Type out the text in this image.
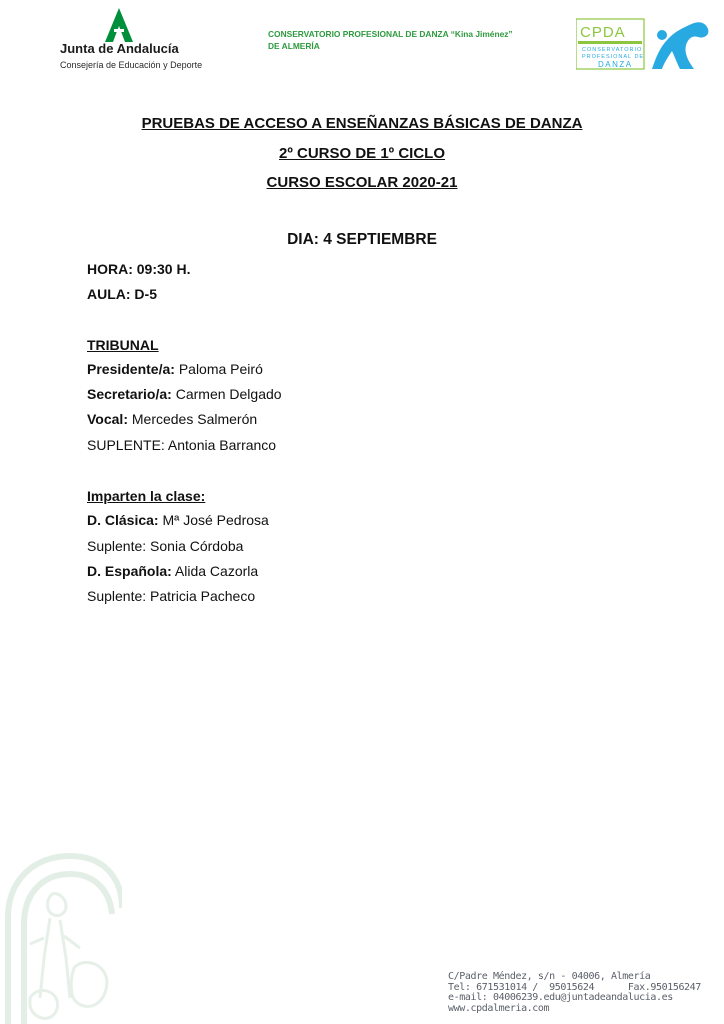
Junta de Andalucía
Consejería de Educación y Deporte
CONSERVATORIO PROFESIONAL DE DANZA “Kina Jiménez”
DE ALMERÍA
CPDA
CONSERVATORIO
PROFESIONAL DE
DANZA
PRUEBAS DE ACCESO A ENSEÑANZAS BÁSICAS DE DANZA
2º CURSO DE 1º CICLO
CURSO ESCOLAR 2020-21
DIA: 4 SEPTIEMBRE
HORA: 09:30 H.
AULA: D-5
TRIBUNAL
Presidente/a: Paloma Peiró
Secretario/a: Carmen Delgado
Vocal: Mercedes Salmerón
SUPLENTE: Antonia Barranco
Imparten la clase:
D. Clásica: Mª José Pedrosa
Suplente: Sonia Córdoba
D. Española: Alida Cazorla
Suplente: Patricia Pacheco
C/Padre Méndez, s/n - 04006, Almería
Tel: 671531014 /  95015624      Fax.950156247
e-mail: 04006239.edu@juntadeandalucia.es
www.cpdalmeria.com
